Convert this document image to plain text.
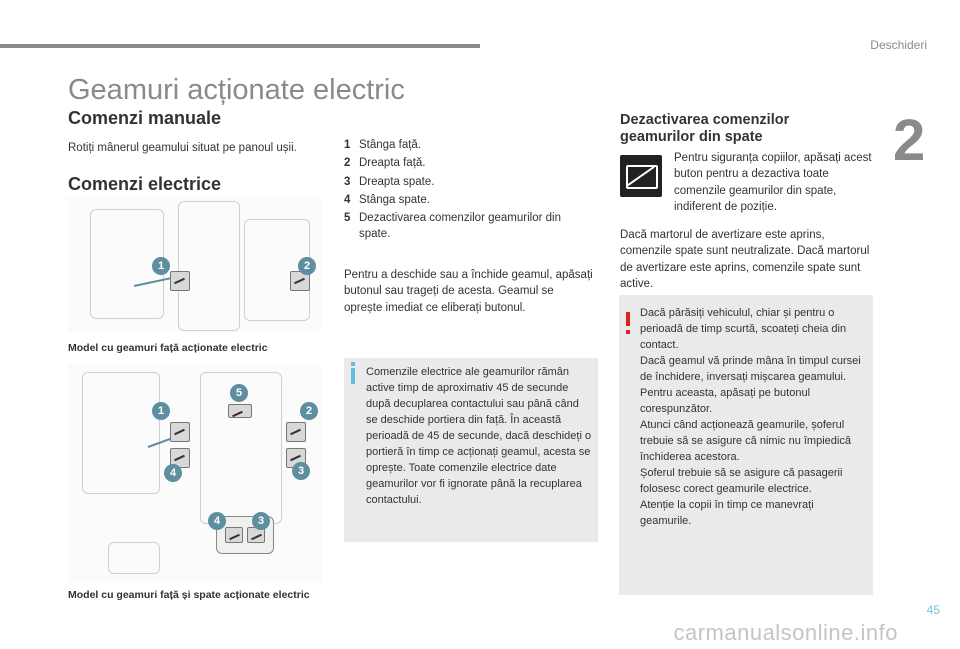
Deschideri
2
Geamuri acționate electric
Comenzi manuale
Rotiți mânerul geamului situat pe panoul ușii.
Comenzi electrice
1	2
Model cu geamuri față acționate electric
5
1	2
4	3
4	3
Model cu geamuri față și spate acționate electric
1 Stânga față.
2 Dreapta față.
3 Dreapta spate.
4 Stânga spate.
5 Dezactivarea comenzilor geamurilor din spate.
Pentru a deschide sau a închide geamul, apăsați butonul sau trageți de acesta. Geamul se oprește imediat ce eliberați butonul.
Comenzile electrice ale geamurilor rămân active timp de aproximativ 45 de secunde după decuplarea contactului sau până când se deschide portiera din față. În această perioadă de 45 de secunde, dacă deschideți o portieră în timp ce acționați geamul, acesta se oprește. Toate comenzile electrice date geamurilor vor fi ignorate până la recuplarea contactului.
Dezactivarea comenzilor geamurilor din spate
Pentru siguranța copiilor, apăsați acest buton pentru a dezactiva toate comenzile geamurilor din spate, indiferent de poziție.
Dacă martorul de avertizare este aprins, comenzile spate sunt neutralizate. Dacă martorul de avertizare este aprins, comenzile spate sunt active.
Dacă părăsiți vehiculul, chiar și pentru o perioadă de timp scurtă, scoateți cheia din contact.
Dacă geamul vă prinde mâna în timpul cursei de închidere, inversați mișcarea geamului. Pentru aceasta, apăsați pe butonul corespunzător.
Atunci când acționează geamurile, șoferul trebuie să se asigure că nimic nu împiedică închiderea acestora.
Șoferul trebuie să se asigure că pasagerii folosesc corect geamurile electrice.
Atenție la copii în timp ce manevrați geamurile.
45
carmanualsonline.info
